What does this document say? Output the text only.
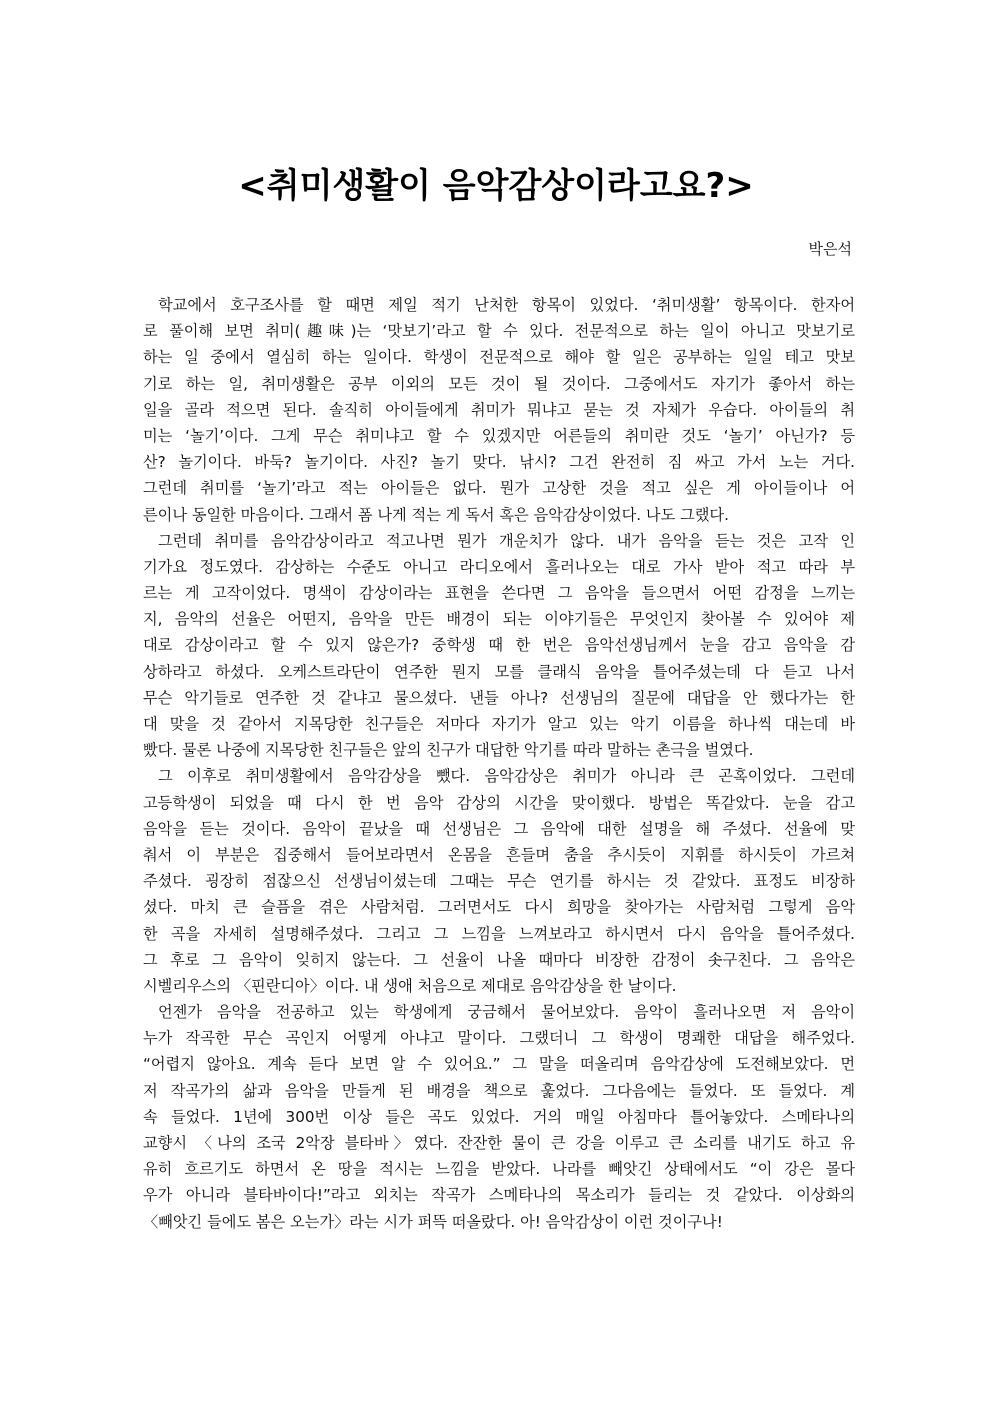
<취미생활이 음악감상이라고요?>
박은석
학교에서 호구조사를 할 때면 제일 적기 난처한 항목이 있었다. ‘취미생활’ 항목이다. 한자어
로 풀이해 보면 취미(趣味)는 ‘맛보기’라고 할 수 있다. 전문적으로 하는 일이 아니고 맛보기로
하는 일 중에서 열심히 하는 일이다. 학생이 전문적으로 해야 할 일은 공부하는 일일 테고 맛보
기로 하는 일, 취미생활은 공부 이외의 모든 것이 될 것이다. 그중에서도 자기가 좋아서 하는
일을 골라 적으면 된다. 솔직히 아이들에게 취미가 뭐냐고 묻는 것 자체가 우습다. 아이들의 취
미는 ‘놀기’이다. 그게 무슨 취미냐고 할 수 있겠지만 어른들의 취미란 것도 ‘놀기’ 아닌가? 등
산? 놀기이다. 바둑? 놀기이다. 사진? 놀기 맞다. 낚시? 그건 완전히 짐 싸고 가서 노는 거다.
그런데 취미를 ‘놀기’라고 적는 아이들은 없다. 뭔가 고상한 것을 적고 싶은 게 아이들이나 어
른이나 동일한 마음이다. 그래서 폼 나게 적는 게 독서 혹은 음악감상이었다. 나도 그랬다.
그런데 취미를 음악감상이라고 적고나면 뭔가 개운치가 않다. 내가 음악을 듣는 것은 고작 인
기가요 정도였다. 감상하는 수준도 아니고 라디오에서 흘러나오는 대로 가사 받아 적고 따라 부
르는 게 고작이었다. 명색이 감상이라는 표현을 쓴다면 그 음악을 들으면서 어떤 감정을 느끼는
지, 음악의 선율은 어떤지, 음악을 만든 배경이 되는 이야기들은 무엇인지 찾아볼 수 있어야 제
대로 감상이라고 할 수 있지 않은가? 중학생 때 한 번은 음악선생님께서 눈을 감고 음악을 감
상하라고 하셨다. 오케스트라단이 연주한 뭔지 모를 클래식 음악을 틀어주셨는데 다 듣고 나서
무슨 악기들로 연주한 것 같냐고 물으셨다. 낸들 아나? 선생님의 질문에 대답을 안 했다가는 한
대 맞을 것 같아서 지목당한 친구들은 저마다 자기가 알고 있는 악기 이름을 하나씩 대는데 바
빴다. 물론 나중에 지목당한 친구들은 앞의 친구가 대답한 악기를 따라 말하는 촌극을 벌였다.
그 이후로 취미생활에서 음악감상을 뺐다. 음악감상은 취미가 아니라 큰 곤혹이었다. 그런데
고등학생이 되었을 때 다시 한 번 음악 감상의 시간을 맞이했다. 방법은 똑같았다. 눈을 감고
음악을 듣는 것이다. 음악이 끝났을 때 선생님은 그 음악에 대한 설명을 해 주셨다. 선율에 맞
춰서 이 부분은 집중해서 들어보라면서 온몸을 흔들며 춤을 추시듯이 지휘를 하시듯이 가르쳐
주셨다. 굉장히 점잖으신 선생님이셨는데 그때는 무슨 연기를 하시는 것 같았다. 표정도 비장하
셨다. 마치 큰 슬픔을 겪은 사람처럼. 그러면서도 다시 희망을 찾아가는 사람처럼 그렇게 음악
한 곡을 자세히 설명해주셨다. 그리고 그 느낌을 느껴보라고 하시면서 다시 음악을 틀어주셨다.
그 후로 그 음악이 잊히지 않는다. 그 선율이 나올 때마다 비장한 감정이 솟구친다. 그 음악은
시벨리우스의 〈핀란디아〉이다. 내 생애 처음으로 제대로 음악감상을 한 날이다.
언젠가 음악을 전공하고 있는 학생에게 궁금해서 물어보았다. 음악이 흘러나오면 저 음악이
누가 작곡한 무슨 곡인지 어떻게 아냐고 말이다. 그랬더니 그 학생이 명쾌한 대답을 해주었다.
“어렵지 않아요. 계속 듣다 보면 알 수 있어요.” 그 말을 떠올리며 음악감상에 도전해보았다. 먼
저 작곡가의 삶과 음악을 만들게 된 배경을 책으로 훑었다. 그다음에는 들었다. 또 들었다. 계
속 들었다. 1년에 300번 이상 들은 곡도 있었다. 거의 매일 아침마다 틀어놓았다. 스메타나의
교향시 〈나의 조국 2악장 블타바〉였다. 잔잔한 물이 큰 강을 이루고 큰 소리를 내기도 하고 유
유히 흐르기도 하면서 온 땅을 적시는 느낌을 받았다. 나라를 빼앗긴 상태에서도 “이 강은 몰다
우가 아니라 블타바이다!”라고 외치는 작곡가 스메타나의 목소리가 들리는 것 같았다. 이상화의
〈빼앗긴 들에도 봄은 오는가〉라는 시가 퍼뜩 떠올랐다. 아! 음악감상이 이런 것이구나!
